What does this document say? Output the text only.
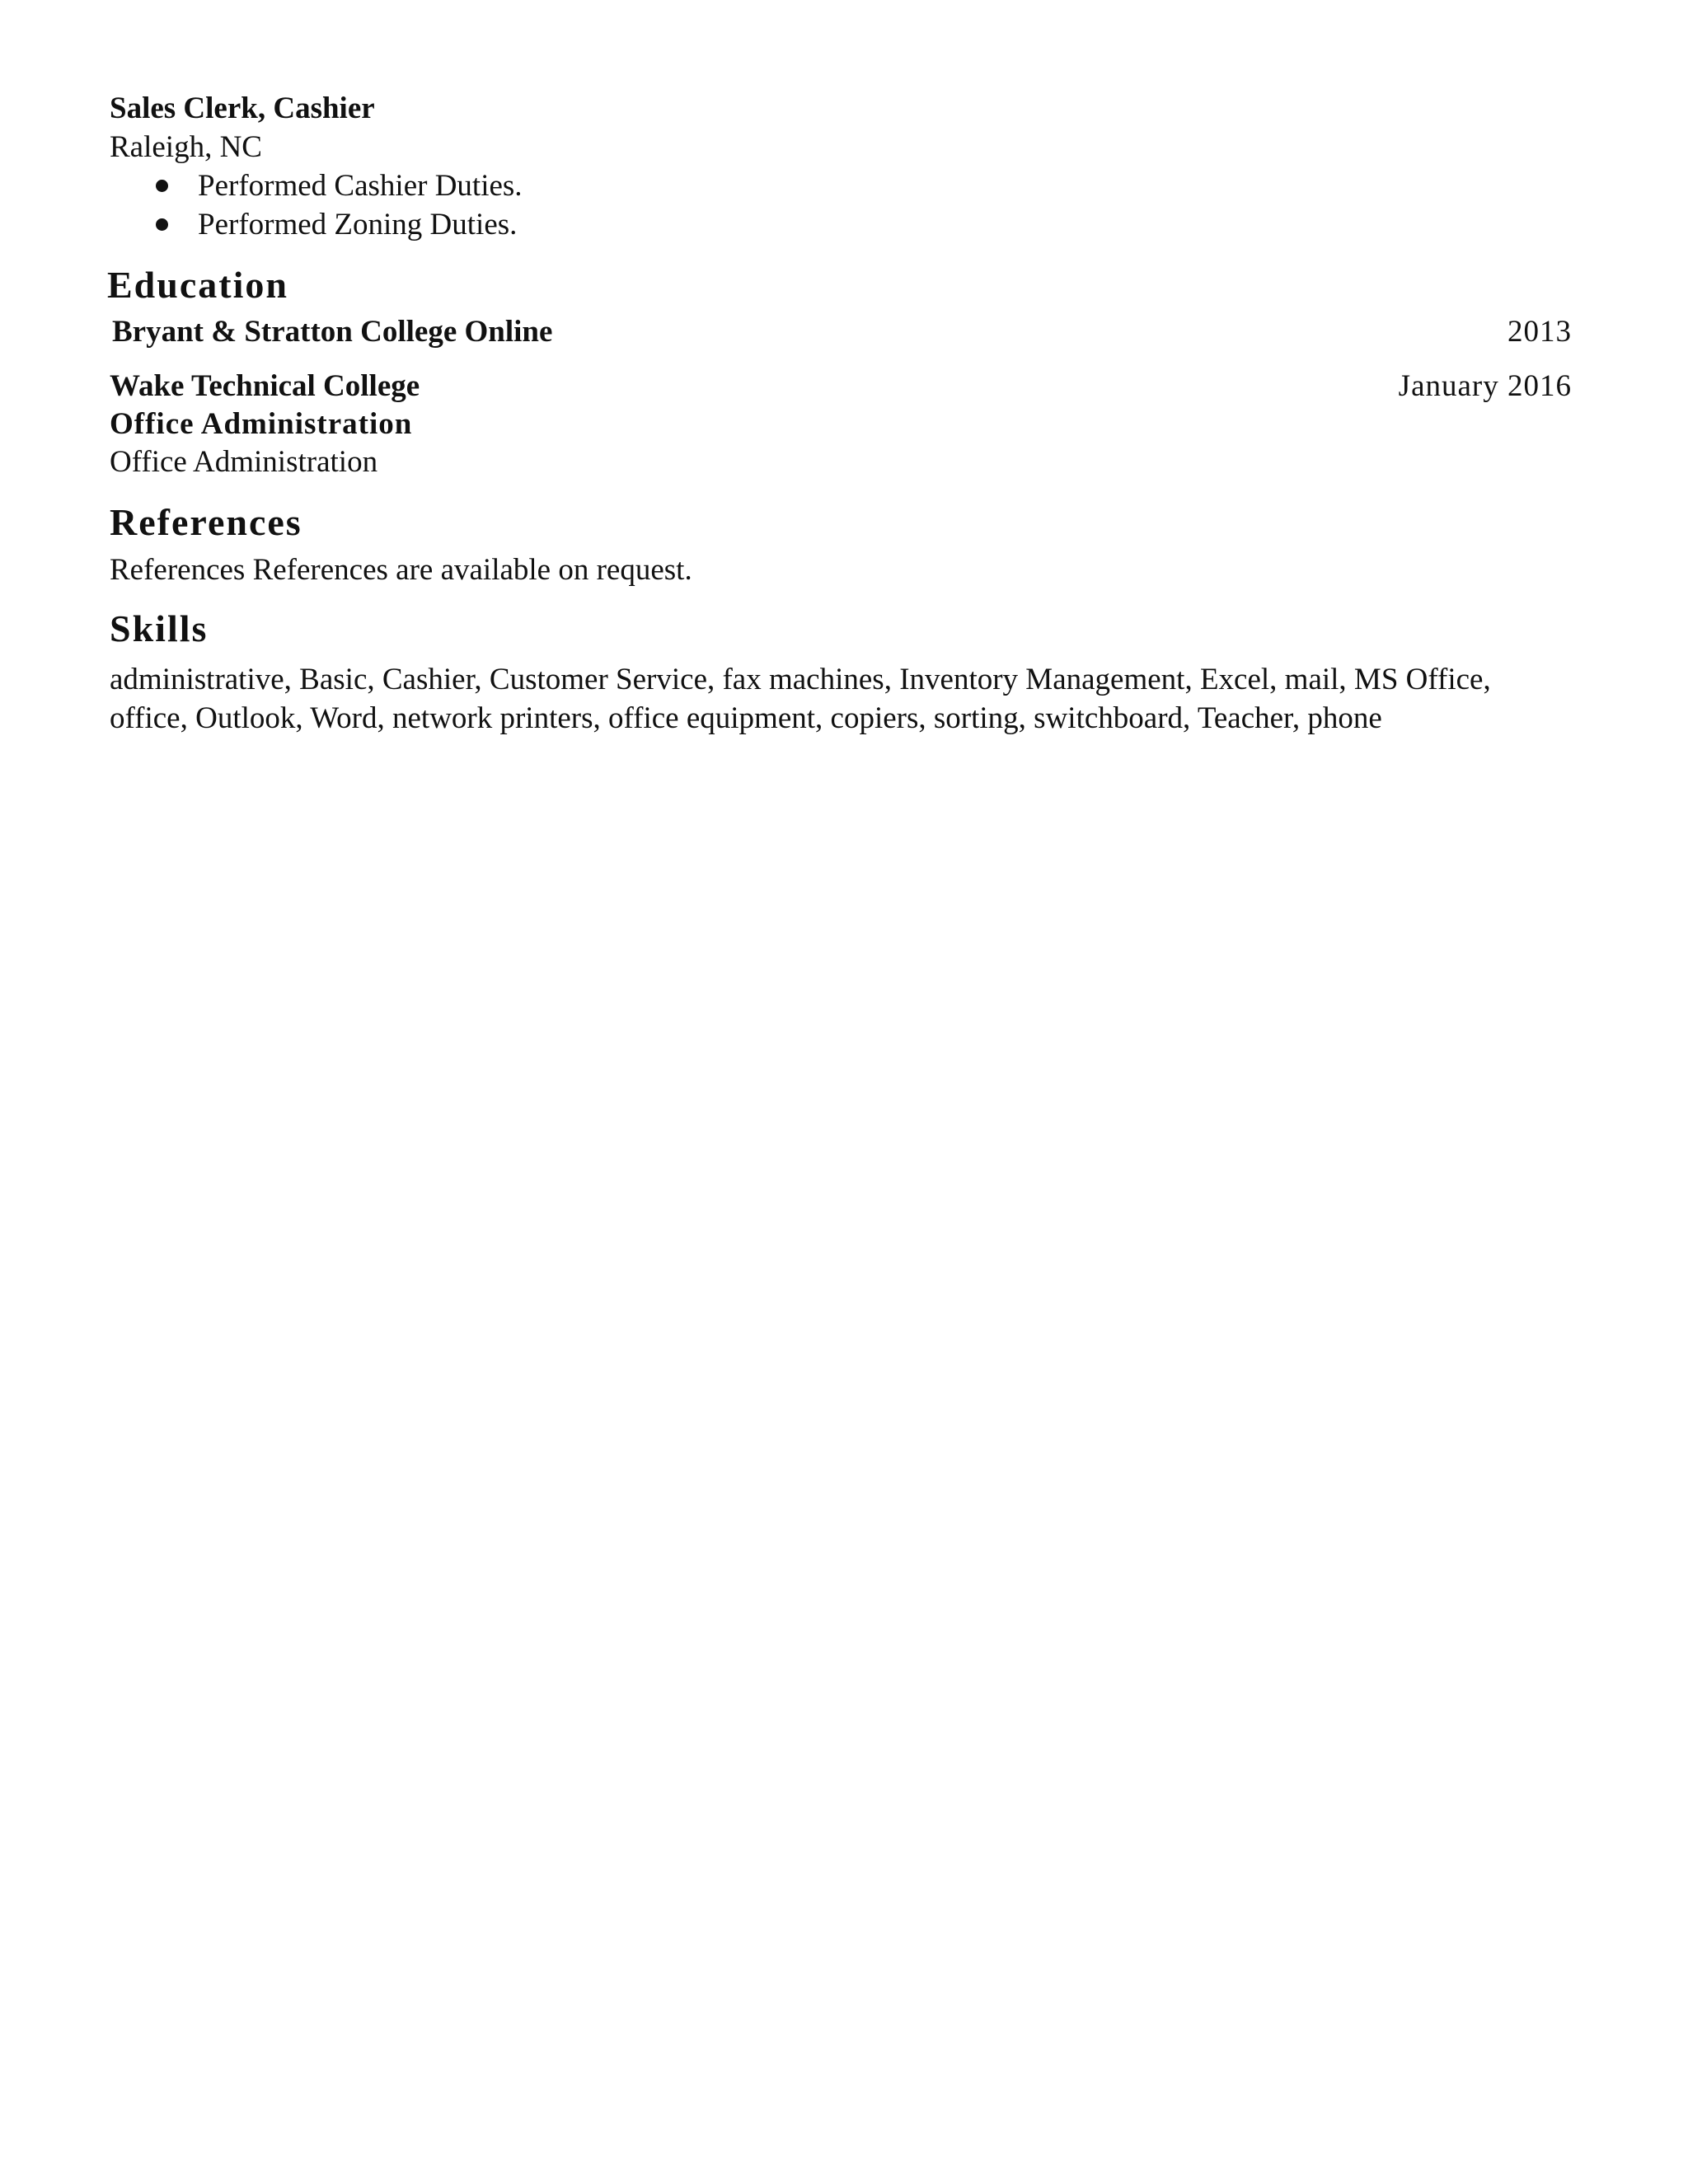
Sales Clerk, Cashier
Raleigh, NC
Performed Cashier Duties.
Performed Zoning Duties.
Education
Bryant & Stratton College Online	2013
Wake Technical College	January 2016
Office Administration
Office Administration
References
References References are available on request.
Skills
administrative, Basic, Cashier, Customer Service, fax machines, Inventory Management, Excel, mail, MS Office, office, Outlook, Word, network printers, office equipment, copiers, sorting, switchboard, Teacher, phone
